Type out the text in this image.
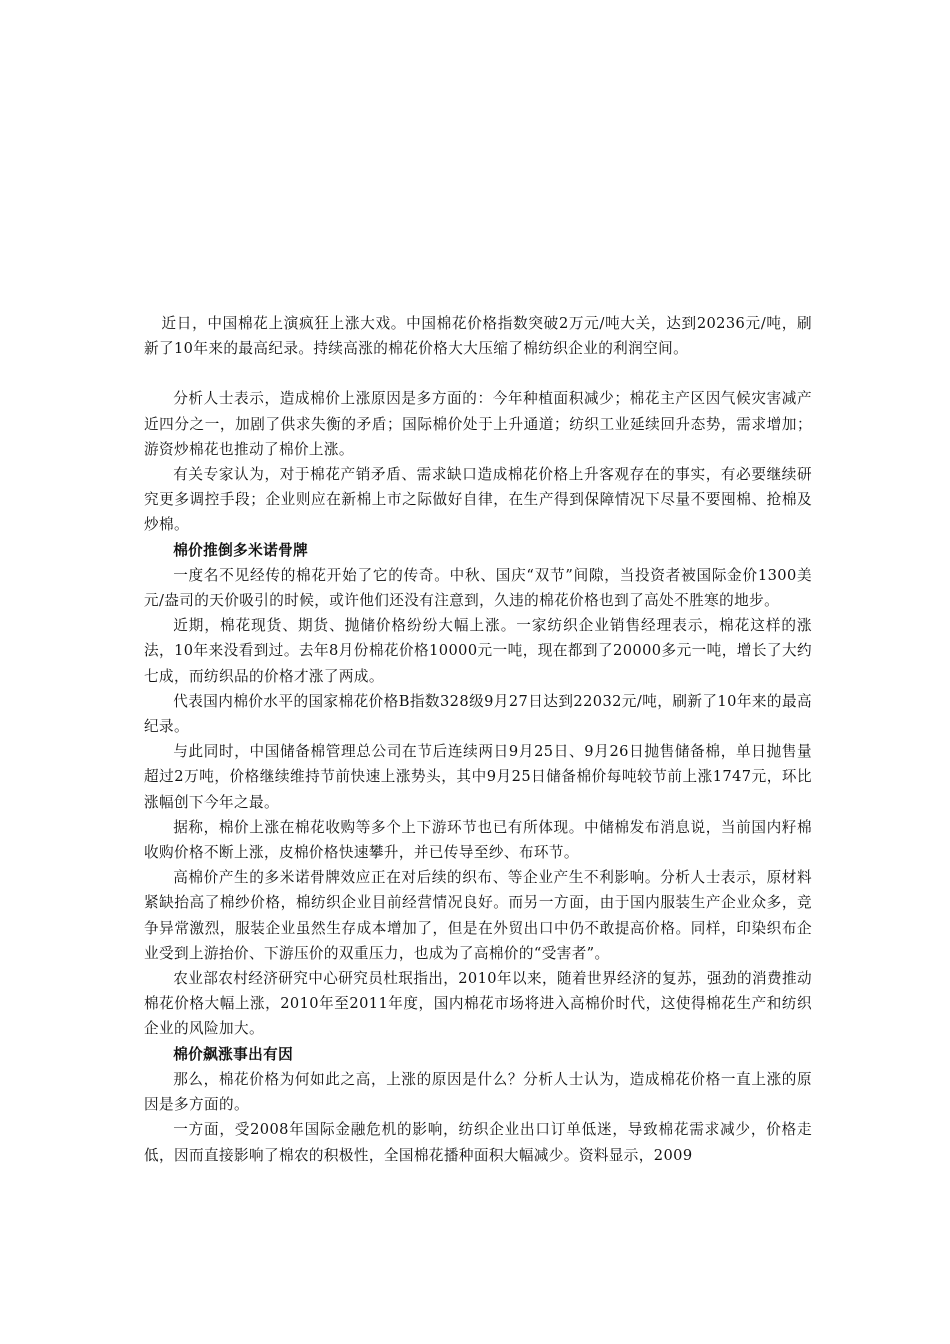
近日，中国棉花上演疯狂上涨大戏。中国棉花价格指数突破2万元/吨大关，达到20236元/吨，刷新了10年来的最高纪录。持续高涨的棉花价格大大压缩了棉纺织企业的利润空间。

分析人士表示，造成棉价上涨原因是多方面的：今年种植面积减少；棉花主产区因气候灾害减产近四分之一，加剧了供求失衡的矛盾；国际棉价处于上升通道；纺织工业延续回升态势，需求增加；游资炒棉花也推动了棉价上涨。

有关专家认为，对于棉花产销矛盾、需求缺口造成棉花价格上升客观存在的事实，有必要继续研究更多调控手段；企业则应在新棉上市之际做好自律，在生产得到保障情况下尽量不要囤棉、抢棉及炒棉。

棉价推倒多米诺骨牌

一度名不见经传的棉花开始了它的传奇。中秋、国庆“双节”间隙，当投资者被国际金价1300美元/盎司的天价吸引的时候，或许他们还没有注意到，久违的棉花价格也到了高处不胜寒的地步。

近期，棉花现货、期货、抛储价格纷纷大幅上涨。一家纺织企业销售经理表示，棉花这样的涨法，10年来没看到过。去年8月份棉花价格10000元一吨，现在都到了20000多元一吨，增长了大约七成，而纺织品的价格才涨了两成。

代表国内棉价水平的国家棉花价格B指数328级9月27日达到22032元/吨，刷新了10年来的最高纪录。

与此同时，中国储备棉管理总公司在节后连续两日9月25日、9月26日抛售储备棉，单日抛售量超过2万吨，价格继续维持节前快速上涨势头，其中9月25日储备棉价每吨较节前上涨1747元，环比涨幅创下今年之最。

据称，棉价上涨在棉花收购等多个上下游环节也已有所体现。中储棉发布消息说，当前国内籽棉收购价格不断上涨，皮棉价格快速攀升，并已传导至纱、布环节。

高棉价产生的多米诺骨牌效应正在对后续的织布、等企业产生不利影响。分析人士表示，原材料紧缺抬高了棉纱价格，棉纺织企业目前经营情况良好。而另一方面，由于国内服装生产企业众多，竞争异常激烈，服装企业虽然生存成本增加了，但是在外贸出口中仍不敢提高价格。同样，印染织布企业受到上游抬价、下游压价的双重压力，也成为了高棉价的“受害者”。

农业部农村经济研究中心研究员杜珉指出，2010年以来，随着世界经济的复苏，强劲的消费推动棉花价格大幅上涨，2010年至2011年度，国内棉花市场将进入高棉价时代，这使得棉花生产和纺织企业的风险加大。

棉价飙涨事出有因

那么，棉花价格为何如此之高，上涨的原因是什么？分析人士认为，造成棉花价格一直上涨的原因是多方面的。

一方面，受2008年国际金融危机的影响，纺织企业出口订单低迷，导致棉花需求减少，价格走低，因而直接影响了棉农的积极性，全国棉花播种面积大幅减少。资料显示，2009
